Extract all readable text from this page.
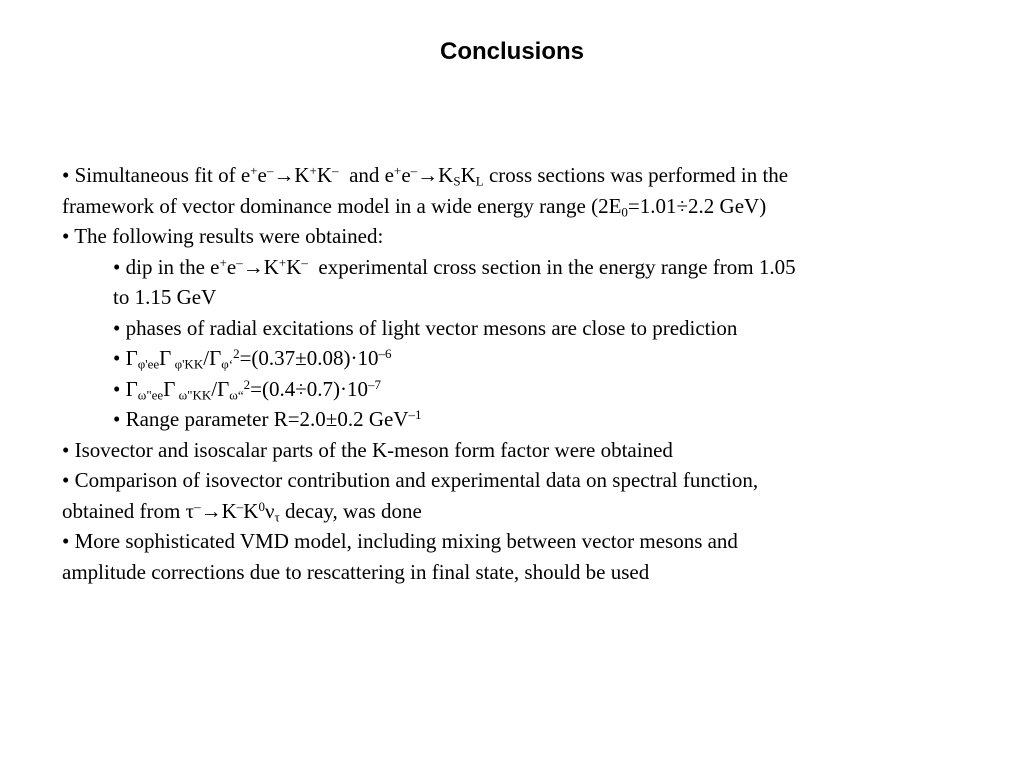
Conclusions
• Simultaneous fit of e+e–→K+K–  and $e^+e^-\to K_SK_L$ cross sections was performed in the
framework of vector dominance model in a wide energy range ($2E_0=1.01\div 2.2$ GeV)
• The following results were obtained:
• dip in the e+e–→K+K–  experimental cross section in the energy range from 1.05
to 1.15 GeV
• phases of radial excitations of light vector mesons are close to prediction
• $\Gamma_{\varphi'ee}\Gamma$ $_{\varphi'KK}/\Gamma_{\varphi‘}^2=(0.37\pm 0.08)\cdot 10^{-6}$
• $\Gamma_{\omega"ee}\Gamma$ $_{\omega"KK}/\Gamma_{\omega“}^2=(0.4\div 0.7)\cdot 10^{-7}$
• Range parameter R=2.0±0.2 GeV$^{-1}$
• Isovector and isoscalar parts of the K-meson form factor were obtained
• Comparison of isovector contribution and experimental data on spectral function,
obtained from $\tau^-\to K^-K^0\nu_\tau$ decay, was done
• More sophisticated VMD model, including mixing between vector mesons and
amplitude corrections due to rescattering in final state, should be used
